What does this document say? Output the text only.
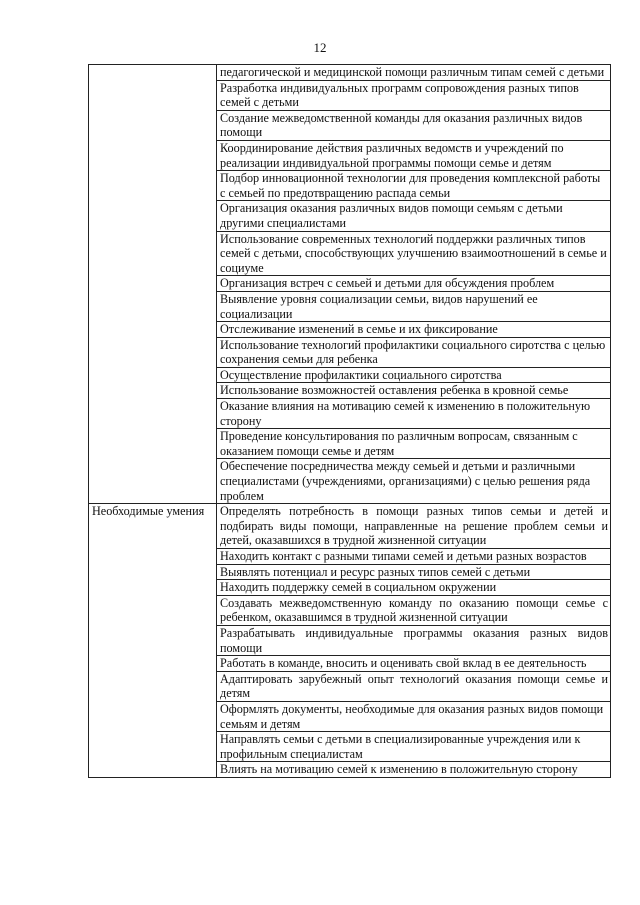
12
	педагогической и медицинской помощи различным типам семей с детьми
	Разработка индивидуальных программ сопровождения разных типов семей с детьми
	Создание межведомственной команды для оказания различных видов помощи
	Координирование действия различных ведомств и учреждений по реализации индивидуальной программы помощи семье и детям
	Подбор инновационной технологии для проведения комплексной работы с семьей по предотвращению распада семьи
	Организация оказания различных видов помощи семьям с детьми другими специалистами
	Использование современных технологий поддержки различных типов семей с детьми, способствующих улучшению взаимоотношений в семье и социуме
	Организация встреч с семьей и детьми для обсуждения проблем
	Выявление уровня социализации семьи, видов нарушений ее социализации
	Отслеживание изменений в семье и их фиксирование
	Использование технологий профилактики социального сиротства с целью сохранения семьи для ребенка
	Осуществление профилактики социального сиротства
	Использование возможностей оставления ребенка в кровной семье
	Оказание влияния на мотивацию семей к изменению в положительную сторону
	Проведение консультирования по различным вопросам, связанным с оказанием помощи семье и детям
	Обеспечение посредничества между семьей и детьми и различными специалистами (учреждениями, организациями) с целью решения ряда проблем
Необходимые умения	Определять потребность в помощи разных типов семьи и детей и подбирать виды помощи, направленные на решение проблем семьи и детей, оказавшихся в трудной жизненной ситуации
	Находить контакт с разными типами семей и детьми разных возрастов
	Выявлять потенциал и ресурс разных типов семей с детьми
	Находить поддержку семей в социальном окружении
	Создавать межведомственную команду по оказанию помощи семье с ребенком, оказавшимся в трудной жизненной ситуации
	Разрабатывать индивидуальные программы оказания разных видов помощи
	Работать в команде, вносить и оценивать свой вклад в ее деятельность
	Адаптировать зарубежный опыт технологий оказания помощи семье и детям
	Оформлять документы, необходимые для оказания разных видов помощи семьям и детям
	Направлять семьи с детьми в специализированные учреждения или к профильным специалистам
	Влиять на мотивацию семей к изменению в положительную сторону
